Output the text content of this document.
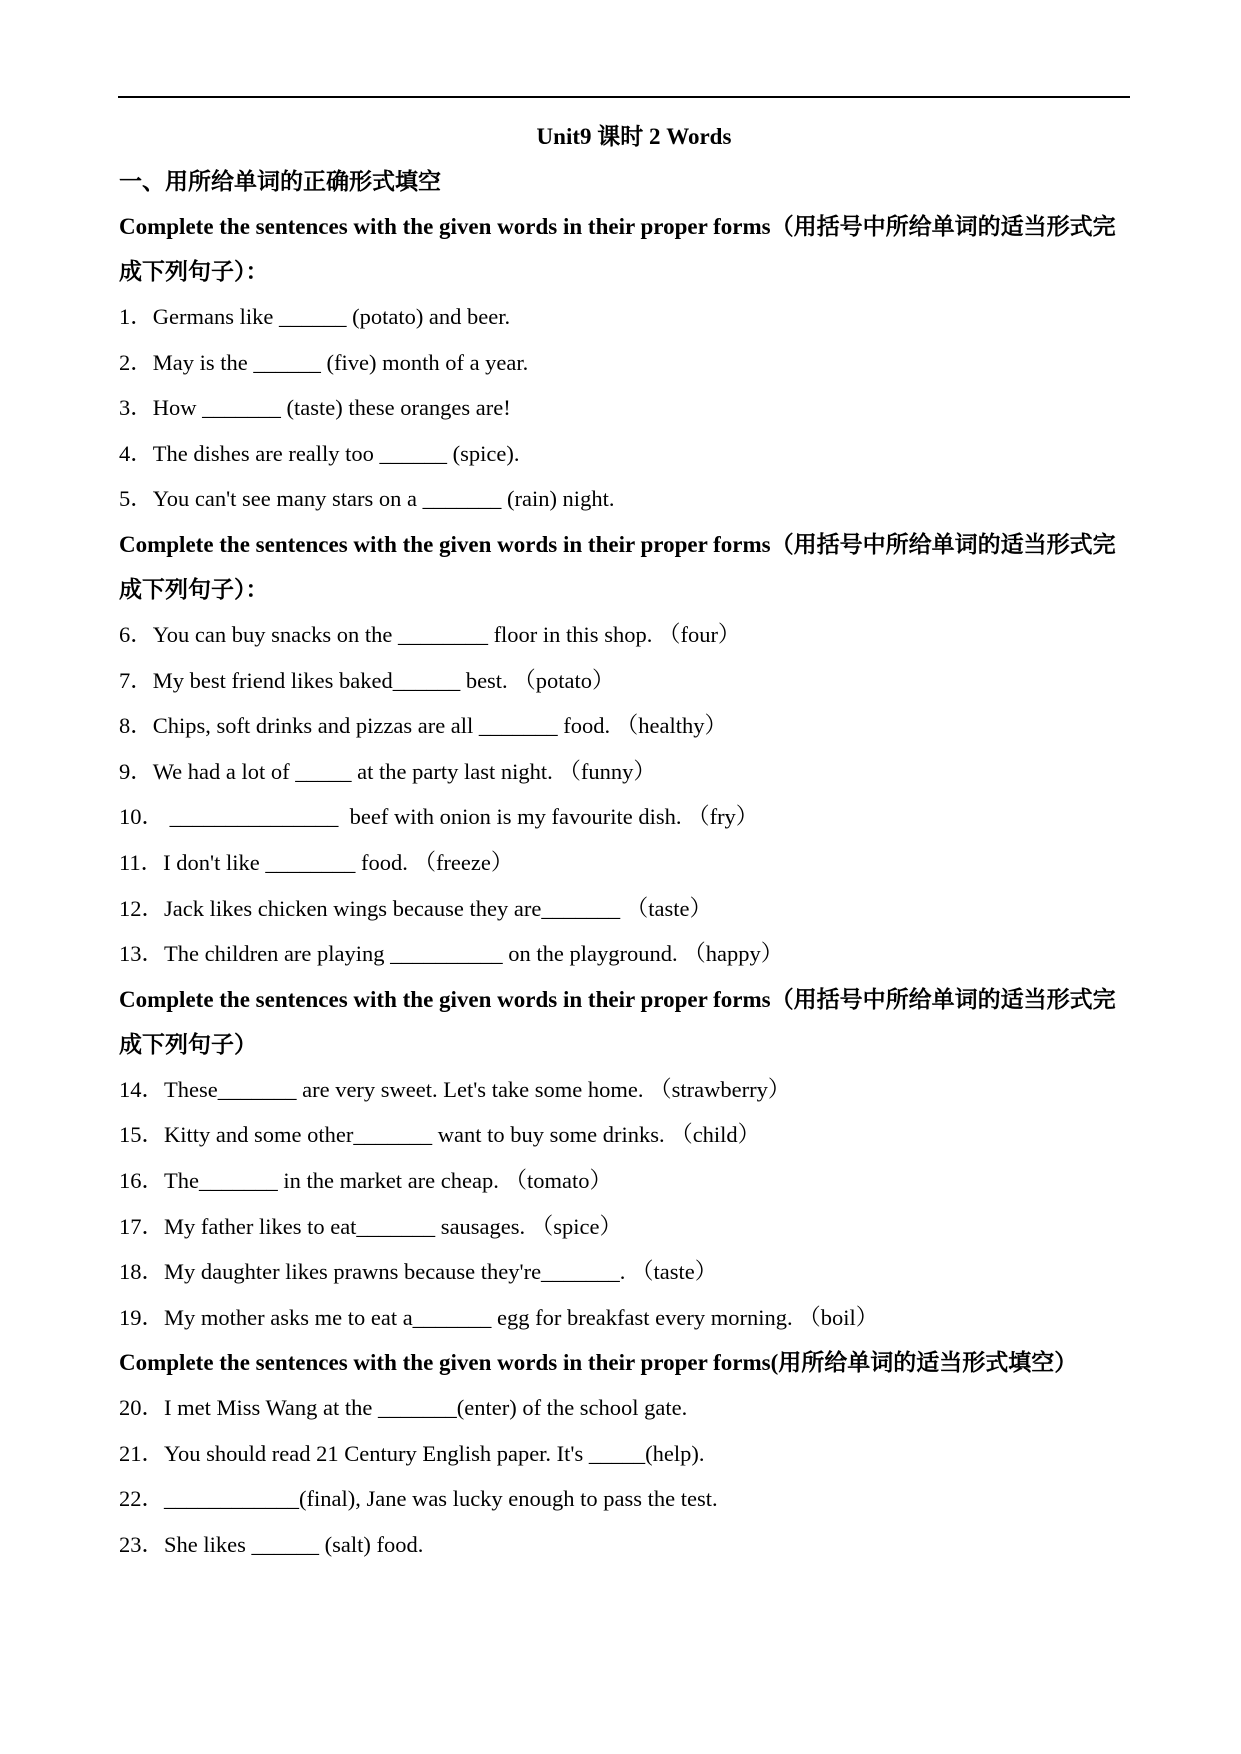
Unit9 课时 2 Words

一、用所给单词的正确形式填空

Complete the sentences with the given words in their proper forms（用括号中所给单词的适当形式完成下列句子）：

1．Germans like ______ (potato) and beer.

2．May is the ______ (five) month of a year.

3．How _______ (taste) these oranges are!

4．The dishes are really too ______ (spice).

5．You can't see many stars on a _______ (rain) night.

Complete the sentences with the given words in their proper forms（用括号中所给单词的适当形式完成下列句子）：

6．You can buy snacks on the ________ floor in this shop. （four）

7．My best friend likes baked______ best. （potato）

8．Chips, soft drinks and pizzas are all _______ food. （healthy）

9．We had a lot of _____ at the party last night. （funny）

10． _______________  beef with onion is my favourite dish. （fry）

11．I don't like ________ food. （freeze）

12．Jack likes chicken wings because they are_______ （taste）

13．The children are playing __________ on the playground. （happy）

Complete the sentences with the given words in their proper forms（用括号中所给单词的适当形式完成下列句子）

14．These_______ are very sweet. Let's take some home. （strawberry）

15．Kitty and some other_______ want to buy some drinks. （child）

16．The_______ in the market are cheap. （tomato）

17．My father likes to eat_______ sausages. （spice）

18．My daughter likes prawns because they're_______. （taste）

19．My mother asks me to eat a_______ egg for breakfast every morning. （boil）

Complete the sentences with the given words in their proper forms(用所给单词的适当形式填空）

20．I met Miss Wang at the _______(enter) of the school gate.

21．You should read 21 Century English paper. It's _____(help).

22．____________(final), Jane was lucky enough to pass the test.

23．She likes ______ (salt) food.
